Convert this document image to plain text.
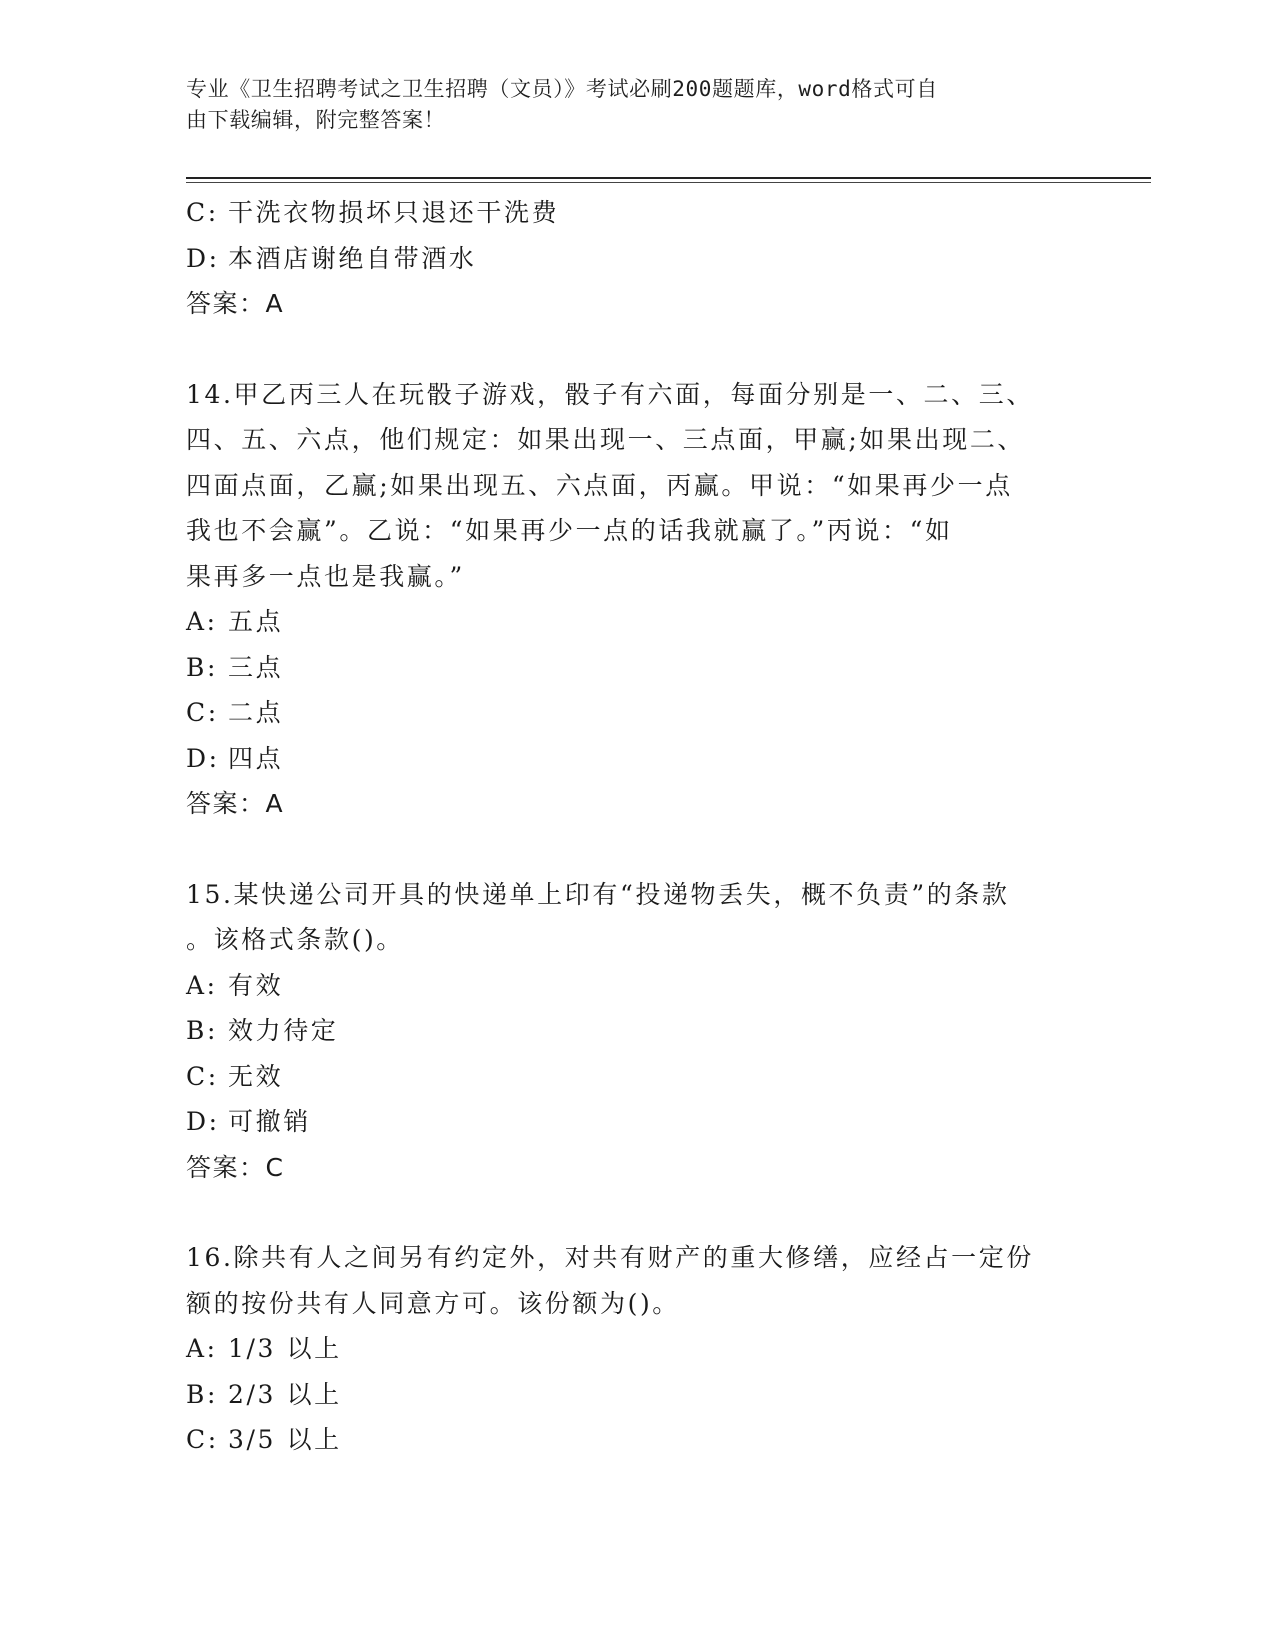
专业《卫生招聘考试之卫生招聘（文员）》考试必刷200题题库，word格式可自
由下载编辑，附完整答案！
C: 干洗衣物损坏只退还干洗费
D: 本酒店谢绝自带酒水
答案：A
14.甲乙丙三人在玩骰子游戏，骰子有六面，每面分别是一、二、三、
四、五、六点，他们规定：如果出现一、三点面，甲赢;如果出现二、
四面点面，乙赢;如果出现五、六点面，丙赢。甲说：“如果再少一点
我也不会赢”。乙说：“如果再少一点的话我就赢了。”丙说：“如
果再多一点也是我赢。”
A: 五点
B: 三点
C: 二点
D: 四点
答案：A
15.某快递公司开具的快递单上印有“投递物丢失，概不负责”的条款
。该格式条款()。
A: 有效
B: 效力待定
C: 无效
D: 可撤销
答案：C
16.除共有人之间另有约定外，对共有财产的重大修缮，应经占一定份
额的按份共有人同意方可。该份额为()。
A: 1/3 以上
B: 2/3 以上
C: 3/5 以上
